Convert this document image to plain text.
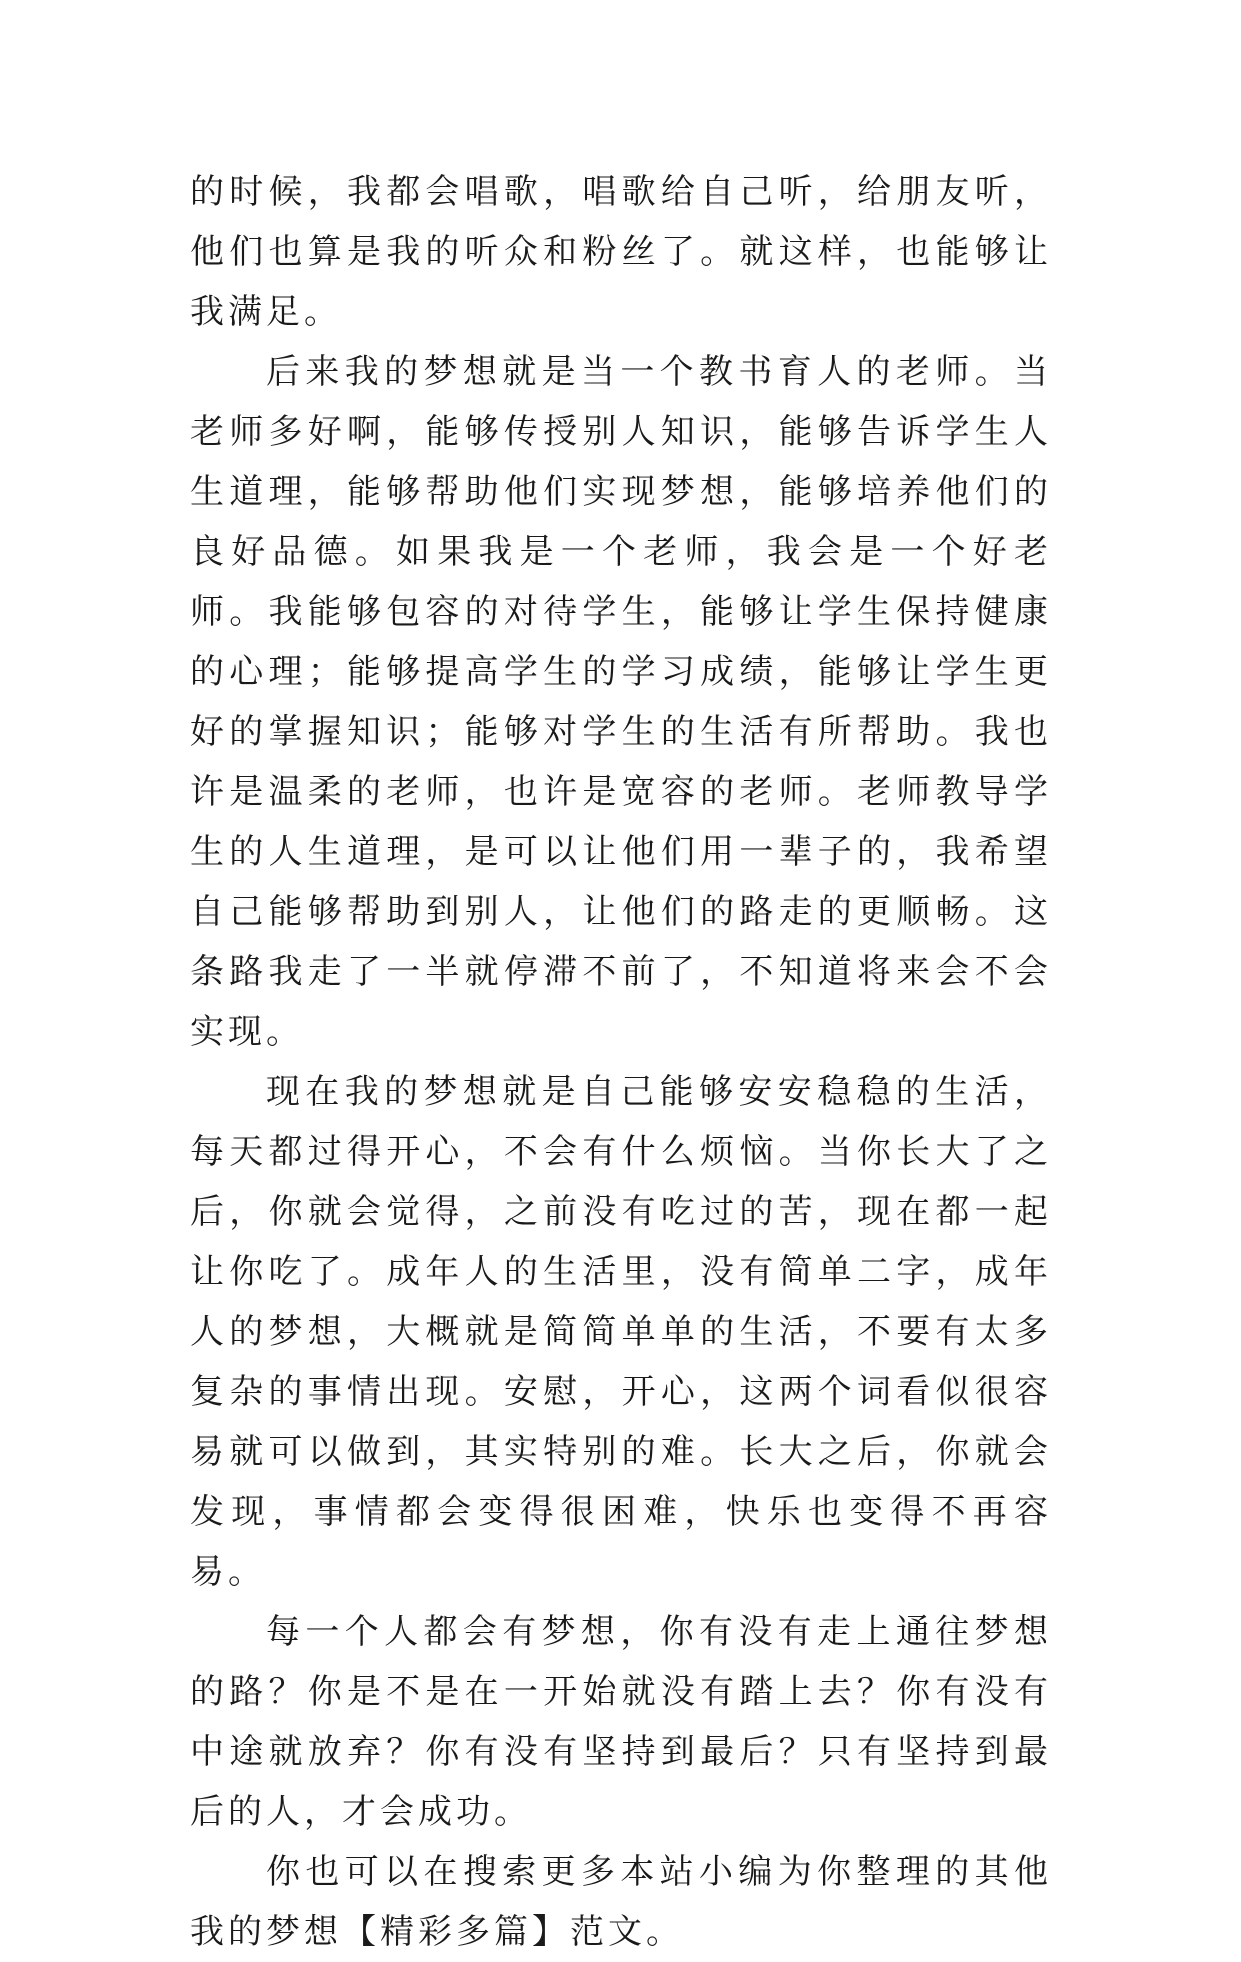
的时候，我都会唱歌，唱歌给自己听，给朋友听，他们也算是我的听众和粉丝了。就这样，也能够让我满足。

后来我的梦想就是当一个教书育人的老师。当老师多好啊，能够传授别人知识，能够告诉学生人生道理，能够帮助他们实现梦想，能够培养他们的良好品德。如果我是一个老师，我会是一个好老师。我能够包容的对待学生，能够让学生保持健康的心理；能够提高学生的学习成绩，能够让学生更好的掌握知识；能够对学生的生活有所帮助。我也许是温柔的老师，也许是宽容的老师。老师教导学生的人生道理，是可以让他们用一辈子的，我希望自己能够帮助到别人，让他们的路走的更顺畅。这条路我走了一半就停滞不前了，不知道将来会不会实现。

现在我的梦想就是自己能够安安稳稳的生活，每天都过得开心，不会有什么烦恼。当你长大了之后，你就会觉得，之前没有吃过的苦，现在都一起让你吃了。成年人的生活里，没有简单二字，成年人的梦想，大概就是简简单单的生活，不要有太多复杂的事情出现。安慰，开心，这两个词看似很容易就可以做到，其实特别的难。长大之后，你就会发现，事情都会变得很困难，快乐也变得不再容易。

每一个人都会有梦想，你有没有走上通往梦想的路？你是不是在一开始就没有踏上去？你有没有中途就放弃？你有没有坚持到最后？只有坚持到最后的人，才会成功。

你也可以在搜索更多本站小编为你整理的其他我的梦想【精彩多篇】范文。
